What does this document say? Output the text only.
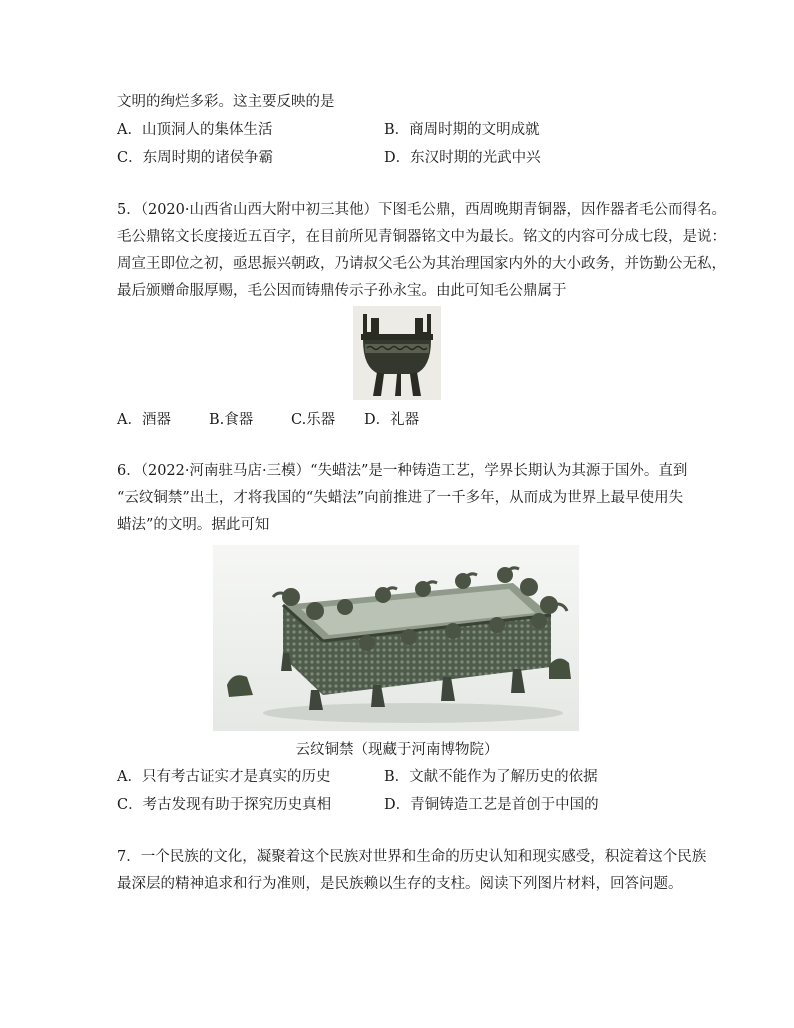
文明的绚烂多彩。这主要反映的是
A．山顶洞人的集体生活	B．商周时期的文明成就
C．东周时期的诸侯争霸	D．东汉时期的光武中兴
5．（2020·山西省山西大附中初三其他）下图毛公鼎，西周晚期青铜器，因作器者毛公而得名。
毛公鼎铭文长度接近五百字，在目前所见青铜器铭文中为最长。铭文的内容可分成七段，是说：
周宣王即位之初，亟思振兴朝政，乃请叔父毛公为其治理国家内外的大小政务，并饬勤公无私，
最后颁赠命服厚赐，毛公因而铸鼎传示子孙永宝。由此可知毛公鼎属于
A．酒器	B.食器	C.乐器 D．礼器
6．（2022·河南驻马店·三模）“失蜡法”是一种铸造工艺，学界长期认为其源于国外。直到
“云纹铜禁”出土，才将我国的“失蜡法”向前推进了一千多年，从而成为世界上最早使用失
蜡法”的文明。据此可知
云纹铜禁（现藏于河南博物院）
A．只有考古证实才是真实的历史	B．文献不能作为了解历史的依据
C．考古发现有助于探究历史真相	D．青铜铸造工艺是首创于中国的
7．一个民族的文化，凝聚着这个民族对世界和生命的历史认知和现实感受，积淀着这个民族
最深层的精神追求和行为准则，是民族赖以生存的支柱。阅读下列图片材料，回答问题。
